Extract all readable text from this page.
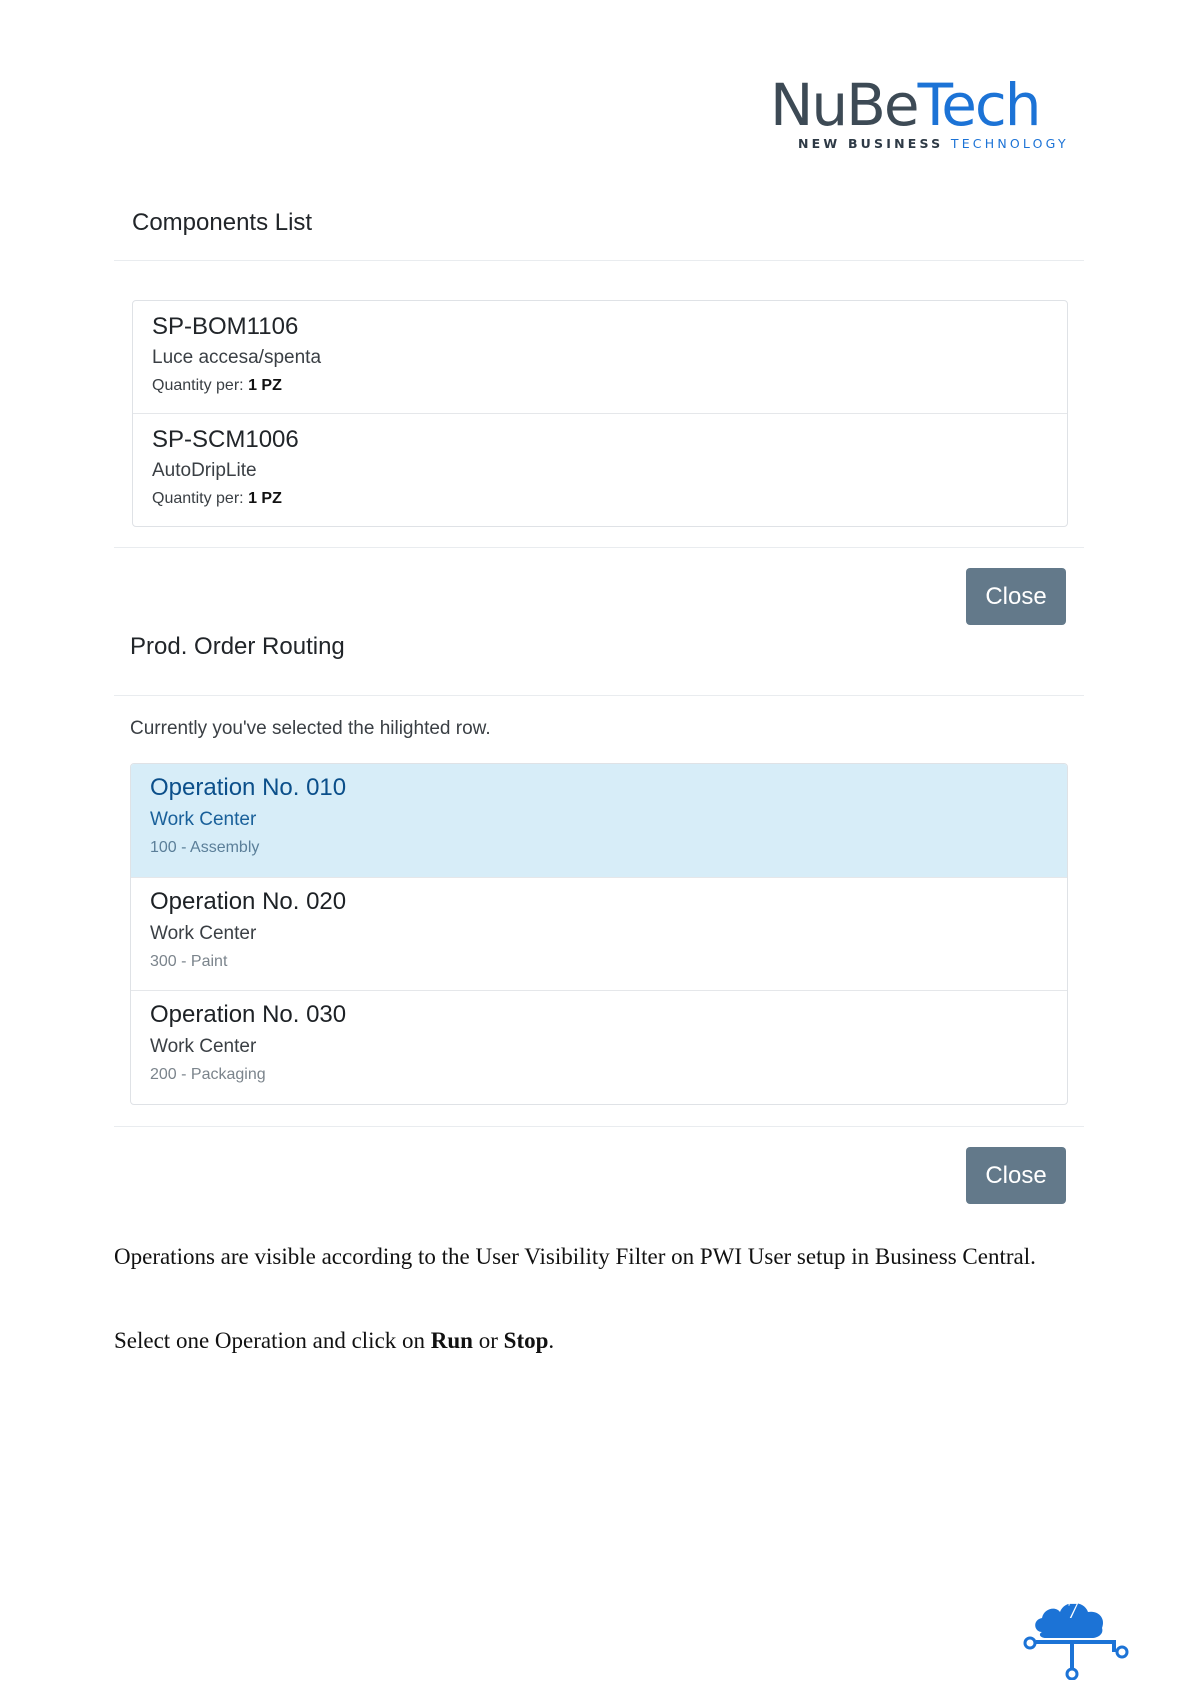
NuBeTech
NEW BUSINESS TECHNOLOGY
Components List
SP-BOM1106
Luce accesa/spenta
Quantity per: 1 PZ
SP-SCM1006
AutoDripLite
Quantity per: 1 PZ
Close
Prod. Order Routing
Currently you've selected the hilighted row.
Operation No. 010
Work Center
100 - Assembly
Operation No. 020
Work Center
300 - Paint
Operation No. 030
Work Center
200 - Packaging
Close

Operations are visible according to the User Visibility Filter on PWI User setup in Business Central.

Select one Operation and click on Run or Stop.

7
